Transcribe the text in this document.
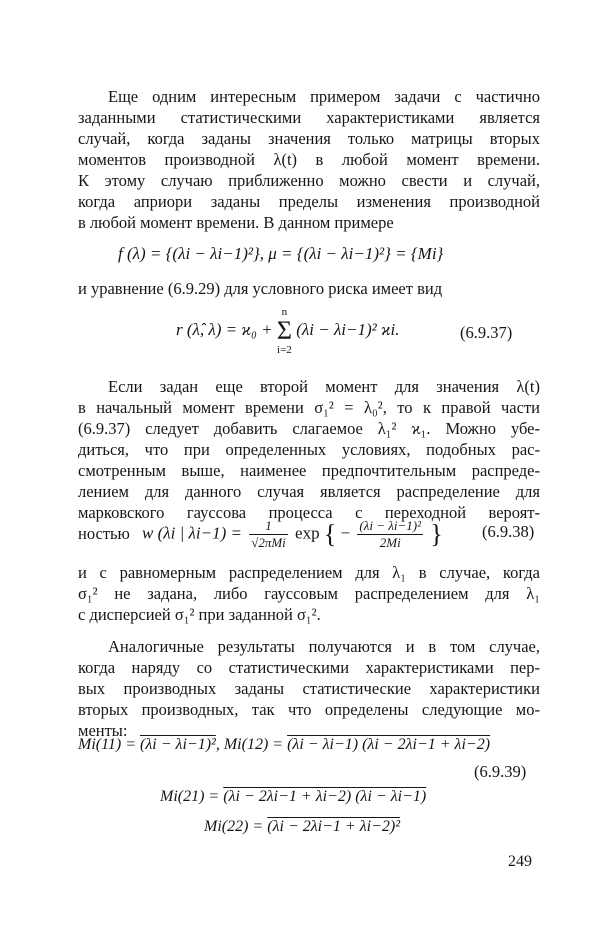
Еще одним интересным примером задачи с частично
заданными статистическими характеристиками является
случай, когда заданы значения только матрицы вторых
моментов производной λ(t) в любой момент времени.
К этому случаю приближенно можно свести и случай,
когда априори заданы пределы изменения производной
в любой момент времени. В данном примере
f (λ) = {(λi − λi−1)²}, μ = {(λi − λi−1)²} = {Mi}
и уравнение (6.9.29) для условного риска имеет вид
r (λ̂, λ) = ϰ₀ +
n
Σ
i=2
(λi − λi−1)² ϰi.	(6.9.37)
Если задан еще второй момент для значения λ(t)
в начальный момент времени σ₁² = λ₀², то к правой части
(6.9.37) следует добавить слагаемое λ₁² ϰ₁. Можно убе-
диться, что при определенных условиях, подобных рас-
смотренным выше, наименее предпочтительным распреде-
лением для данного случая является распределение для
марковского гауссова процесса с переходной вероят-
ностью w (λi | $\lambda i-1) = \frac{1}{\text{√2πMi}}$ exp { − $\frac{\text{(λi − λi−1)²}}{2Mi}$ } (6.9.38)
и с равномерным распределением для λ₁ в случае, когда
σ₁² не задана, либо гауссовым распределением для λ₁
с дисперсией σ₁² при заданной σ₁².
Аналогичные результаты получаются и в том случае,
когда наряду со статистическими характеристиками пер-
вых производных заданы статистические характеристики
вторых производных, так что определены следующие мо-
менты:
Mi(11) = (λi − λi−1)², Mi(12) = (λi − λi−1) (λi − 2λi−1 + λi−2)
(6.9.39)
Mi(21) = (λi − 2λi−1 + λi−2) (λi − λi−1)
Mi(22) = (λi − 2λi−1 + λi−2)²
249
